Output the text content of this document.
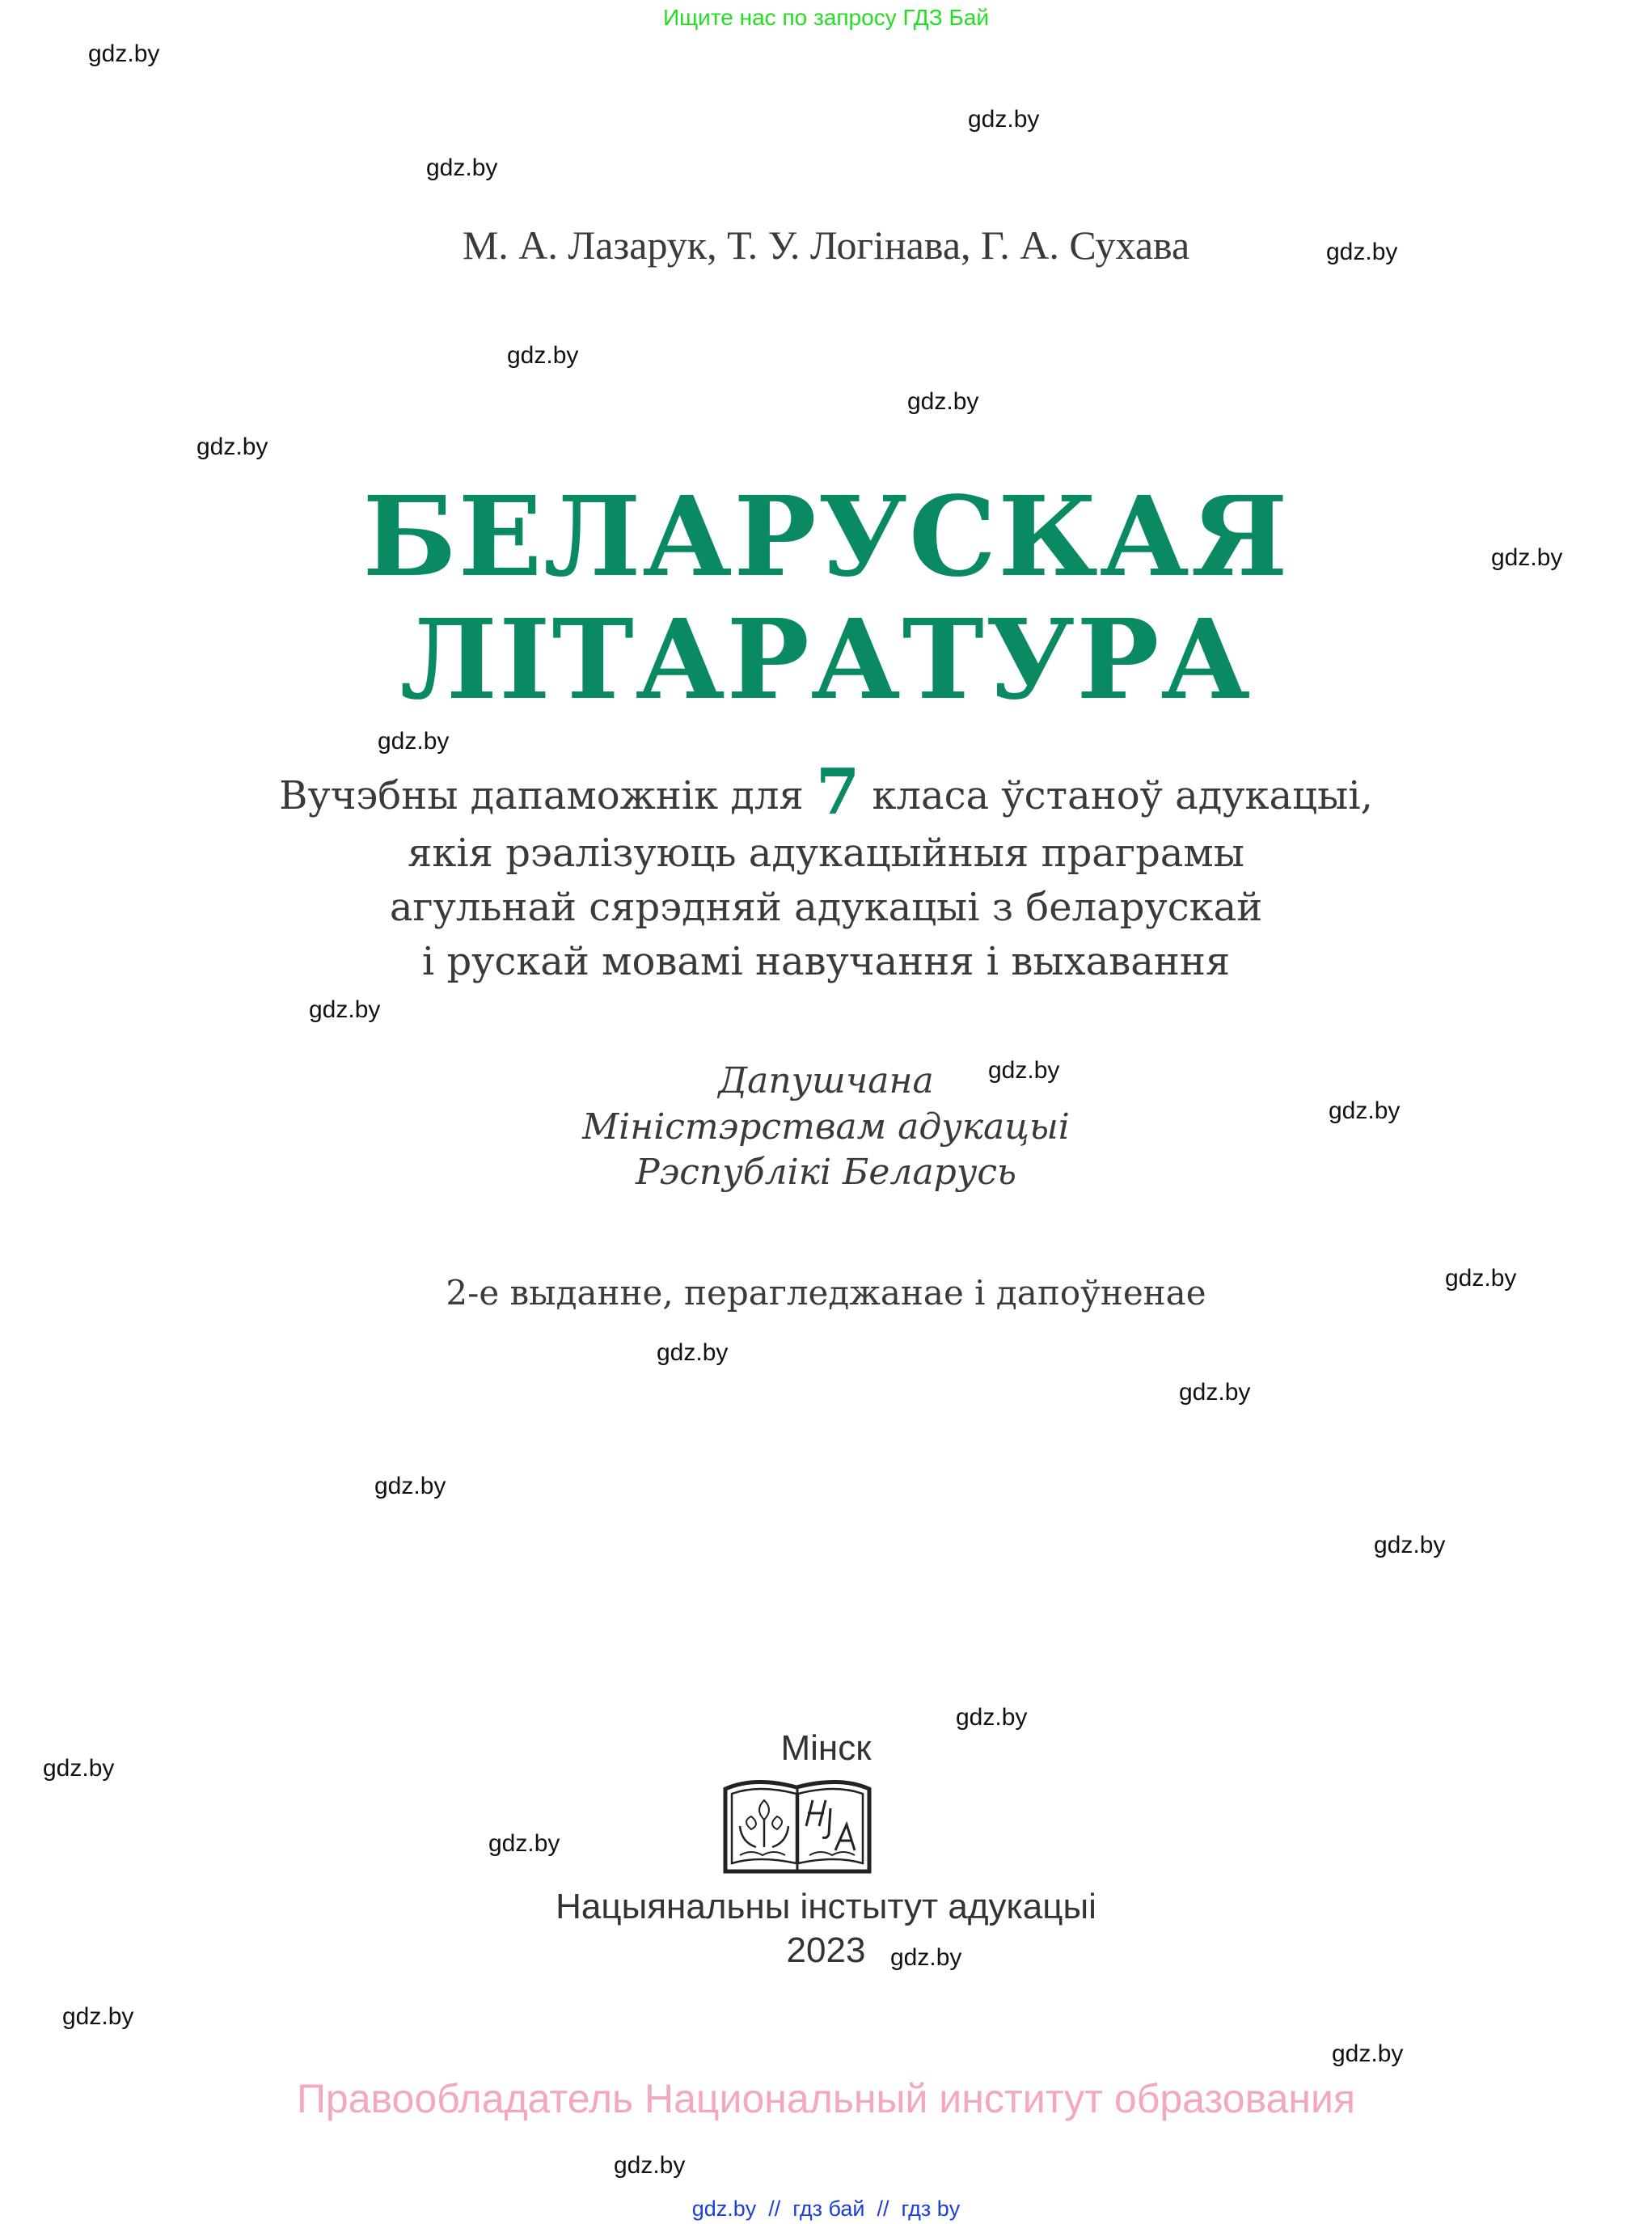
Ищите нас по запросу ГДЗ Бай
gdz.by
gdz.by
gdz.by
gdz.by
gdz.by
gdz.by
gdz.by
gdz.by
gdz.by
gdz.by
gdz.by
gdz.by
gdz.by
gdz.by
gdz.by
gdz.by
gdz.by
gdz.by
gdz.by
gdz.by
gdz.by
gdz.by
gdz.by
gdz.by
М. А. Лазарук, Т. У. Логінава, Г. А. Сухава
БЕЛАРУСКАЯ
ЛІТАРАТУРА
Вучэбны дапаможнік для 7 класа ўстаноў адукацыі,
якія рэалізуюць адукацыйныя праграмы
агульнай сярэдняй адукацыі з беларускай
і рускай мовамі навучання і выхавання
Дапушчана
Міністэрствам адукацыі
Рэспублікі Беларусь
2-е выданне, перагледжанае і дапоўненае
Мінск
Нацыянальны інстытут адукацыі
2023
Правообладатель Национальный институт образования
gdz.by  //  гдз бай  //  гдз by
